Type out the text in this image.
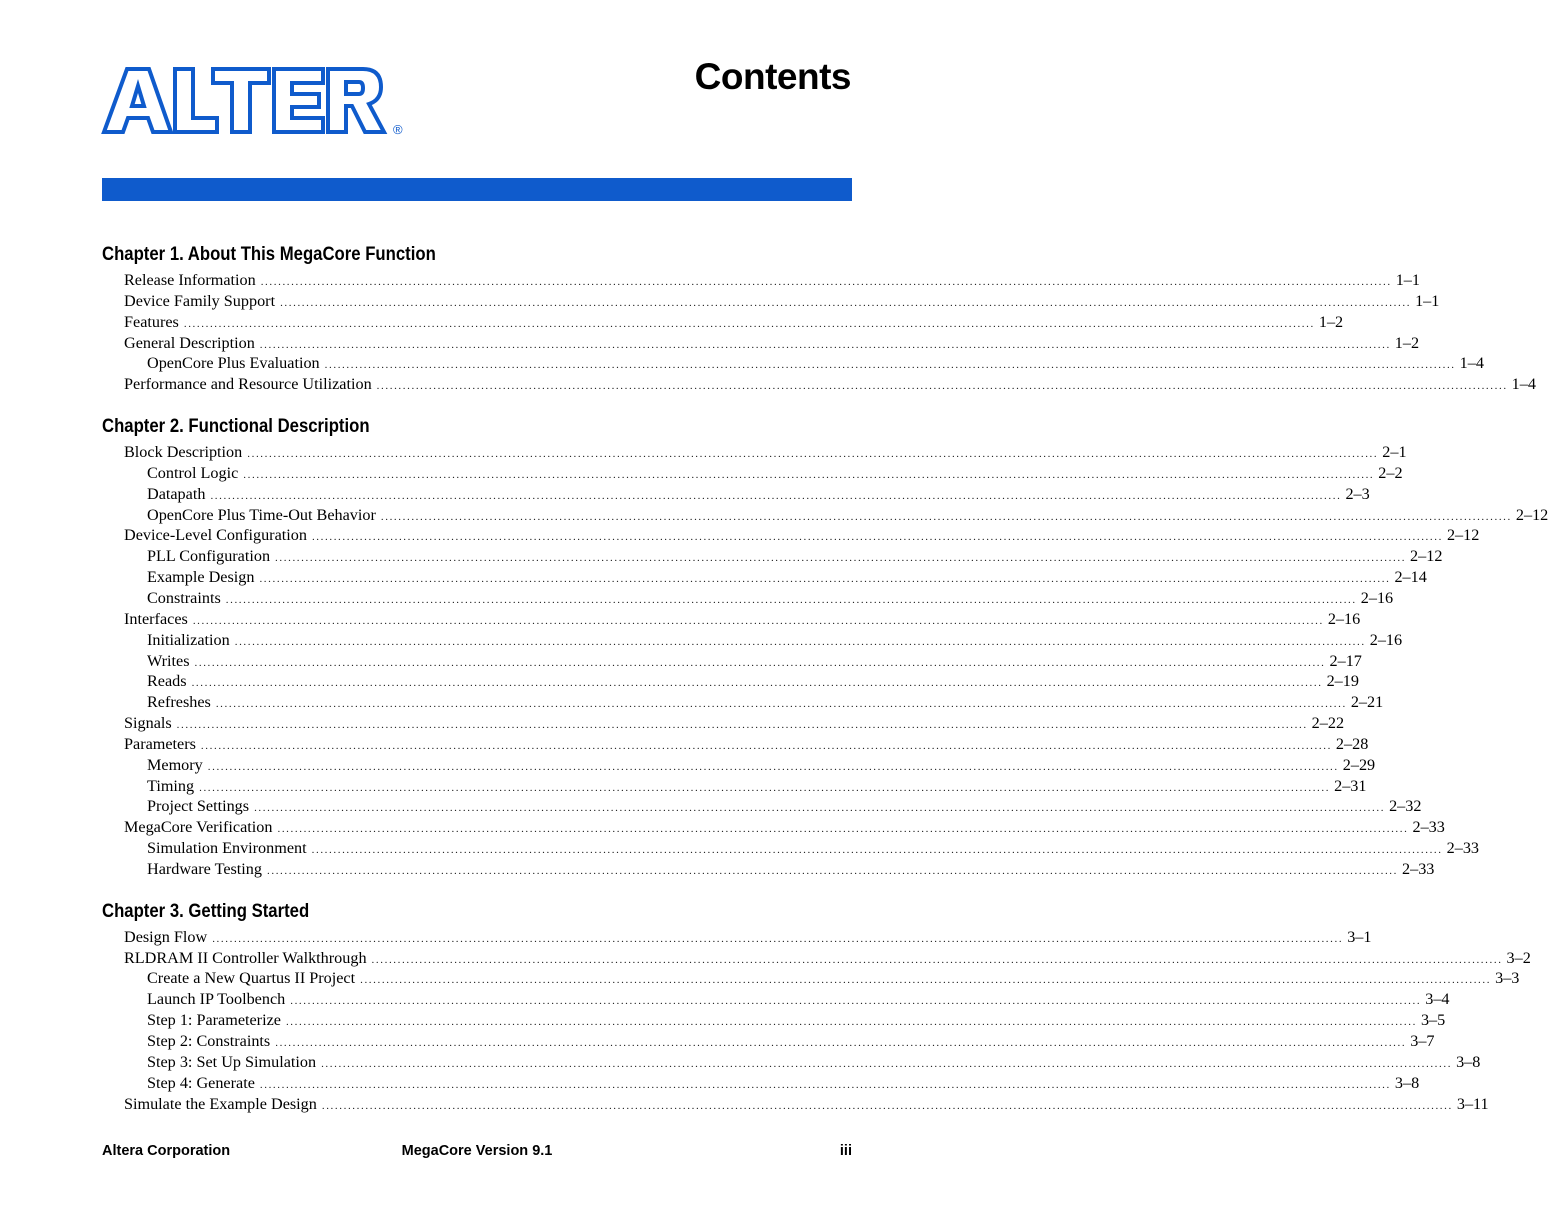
®
Contents
Chapter 1. About This MegaCore Function
Release Information .................................................................................................................................................................................................................................................................... 1–1
Device Family Support .................................................................................................................................................................................................................................................................... 1–1
Features .................................................................................................................................................................................................................................................................... 1–2
General Description .................................................................................................................................................................................................................................................................... 1–2
OpenCore Plus Evaluation .................................................................................................................................................................................................................................................................... 1–4
Performance and Resource Utilization .................................................................................................................................................................................................................................................................... 1–4
Chapter 2. Functional Description
Block Description .................................................................................................................................................................................................................................................................... 2–1
Control Logic .................................................................................................................................................................................................................................................................... 2–2
Datapath .................................................................................................................................................................................................................................................................... 2–3
OpenCore Plus Time-Out Behavior .................................................................................................................................................................................................................................................................... 2–12
Device-Level Configuration .................................................................................................................................................................................................................................................................... 2–12
PLL Configuration .................................................................................................................................................................................................................................................................... 2–12
Example Design .................................................................................................................................................................................................................................................................... 2–14
Constraints .................................................................................................................................................................................................................................................................... 2–16
Interfaces .................................................................................................................................................................................................................................................................... 2–16
Initialization .................................................................................................................................................................................................................................................................... 2–16
Writes .................................................................................................................................................................................................................................................................... 2–17
Reads .................................................................................................................................................................................................................................................................... 2–19
Refreshes .................................................................................................................................................................................................................................................................... 2–21
Signals .................................................................................................................................................................................................................................................................... 2–22
Parameters .................................................................................................................................................................................................................................................................... 2–28
Memory .................................................................................................................................................................................................................................................................... 2–29
Timing .................................................................................................................................................................................................................................................................... 2–31
Project Settings .................................................................................................................................................................................................................................................................... 2–32
MegaCore Verification .................................................................................................................................................................................................................................................................... 2–33
Simulation Environment .................................................................................................................................................................................................................................................................... 2–33
Hardware Testing .................................................................................................................................................................................................................................................................... 2–33
Chapter 3. Getting Started
Design Flow .................................................................................................................................................................................................................................................................... 3–1
RLDRAM II Controller Walkthrough .................................................................................................................................................................................................................................................................... 3–2
Create a New Quartus II Project .................................................................................................................................................................................................................................................................... 3–3
Launch IP Toolbench .................................................................................................................................................................................................................................................................... 3–4
Step 1: Parameterize .................................................................................................................................................................................................................................................................... 3–5
Step 2: Constraints .................................................................................................................................................................................................................................................................... 3–7
Step 3: Set Up Simulation .................................................................................................................................................................................................................................................................... 3–8
Step 4: Generate .................................................................................................................................................................................................................................................................... 3–8
Simulate the Example Design .................................................................................................................................................................................................................................................................... 3–11
Altera Corporation	MegaCore Version 9.1	iii
